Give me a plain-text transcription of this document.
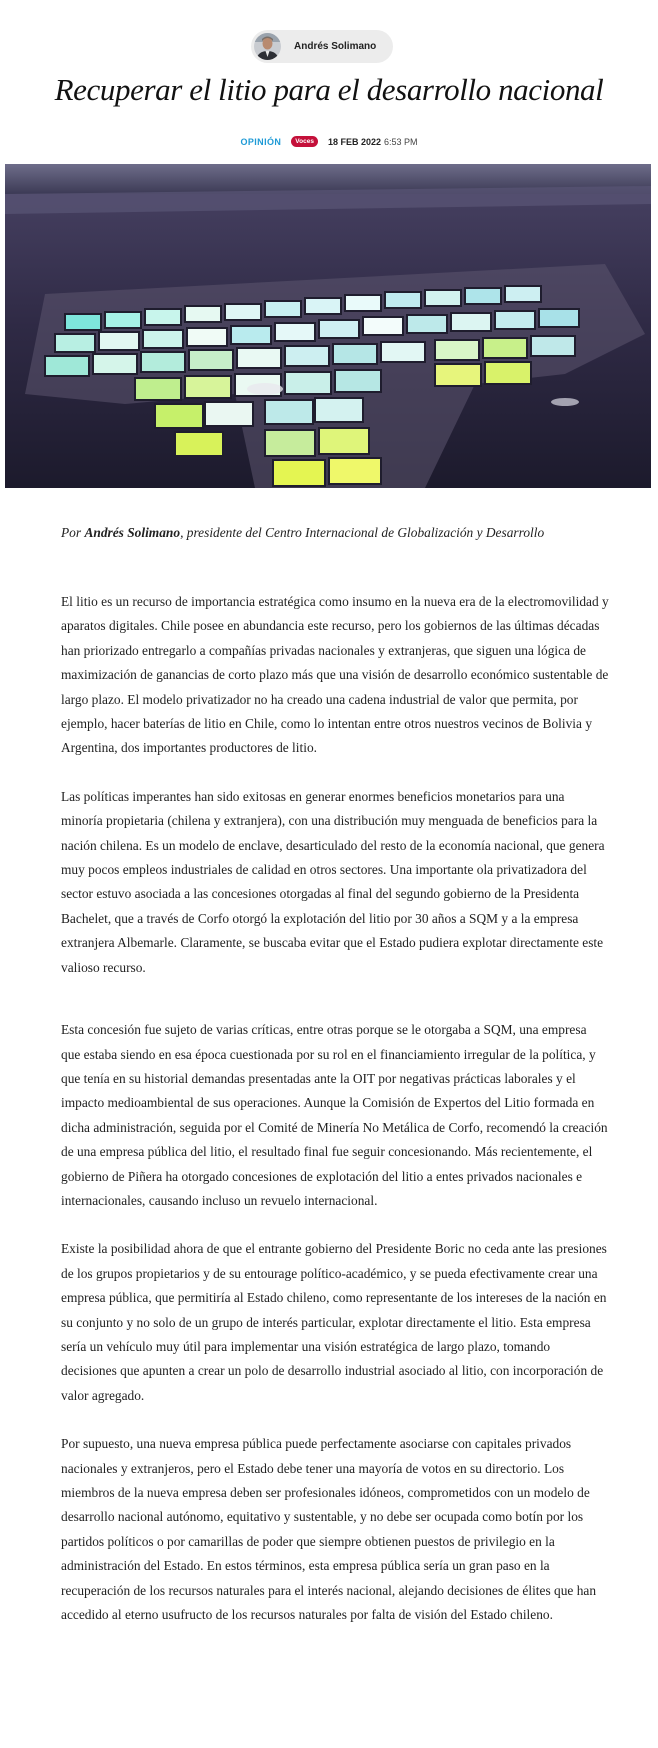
Andrés Solimano
Recuperar el litio para el desarrollo nacional
OPINIÓN	Voces	18 FEB 2022 6:53 PM

Por Andrés Solimano, presidente del Centro Internacional de Globalización y Desarrollo

El litio es un recurso de importancia estratégica como insumo en la nueva era de la electromovilidad y aparatos digitales. Chile posee en abundancia este recurso, pero los gobiernos de las últimas décadas han priorizado entregarlo a compañías privadas nacionales y extranjeras, que siguen una lógica de maximización de ganancias de corto plazo más que una visión de desarrollo económico sustentable de largo plazo. El modelo privatizador no ha creado una cadena industrial de valor que permita, por ejemplo, hacer baterías de litio en Chile, como lo intentan entre otros nuestros vecinos de Bolivia y Argentina, dos importantes productores de litio.

Las políticas imperantes han sido exitosas en generar enormes beneficios monetarios para una minoría propietaria (chilena y extranjera), con una distribución muy menguada de beneficios para la nación chilena. Es un modelo de enclave, desarticulado del resto de la economía nacional, que genera muy pocos empleos industriales de calidad en otros sectores. Una importante ola privatizadora del sector estuvo asociada a las concesiones otorgadas al final del segundo gobierno de la Presidenta Bachelet, que a través de Corfo otorgó la explotación del litio por 30 años a SQM y a la empresa extranjera Albemarle. Claramente, se buscaba evitar que el Estado pudiera explotar directamente este valioso recurso.

Esta concesión fue sujeto de varias críticas, entre otras porque se le otorgaba a SQM, una empresa que estaba siendo en esa época cuestionada por su rol en el financiamiento irregular de la política, y que tenía en su historial demandas presentadas ante la OIT por negativas prácticas laborales y el impacto medioambiental de sus operaciones. Aunque la Comisión de Expertos del Litio formada en dicha administración, seguida por el Comité de Minería No Metálica de Corfo, recomendó la creación de una empresa pública del litio, el resultado final fue seguir concesionando. Más recientemente, el gobierno de Piñera ha otorgado concesiones de explotación del litio a entes privados nacionales e internacionales, causando incluso un revuelo internacional.

Existe la posibilidad ahora de que el entrante gobierno del Presidente Boric no ceda ante las presiones de los grupos propietarios y de su entourage político-académico, y se pueda efectivamente crear una empresa pública, que permitiría al Estado chileno, como representante de los intereses de la nación en su conjunto y no solo de un grupo de interés particular, explotar directamente el litio. Esta empresa sería un vehículo muy útil para implementar una visión estratégica de largo plazo, tomando decisiones que apunten a crear un polo de desarrollo industrial asociado al litio, con incorporación de valor agregado.

Por supuesto, una nueva empresa pública puede perfectamente asociarse con capitales privados nacionales y extranjeros, pero el Estado debe tener una mayoría de votos en su directorio. Los miembros de la nueva empresa deben ser profesionales idóneos, comprometidos con un modelo de desarrollo nacional autónomo, equitativo y sustentable, y no debe ser ocupada como botín por los partidos políticos o por camarillas de poder que siempre obtienen puestos de privilegio en la administración del Estado. En estos términos, esta empresa pública sería un gran paso en la recuperación de los recursos naturales para el interés nacional, alejando decisiones de élites que han accedido al eterno usufructo de los recursos naturales por falta de visión del Estado chileno.
